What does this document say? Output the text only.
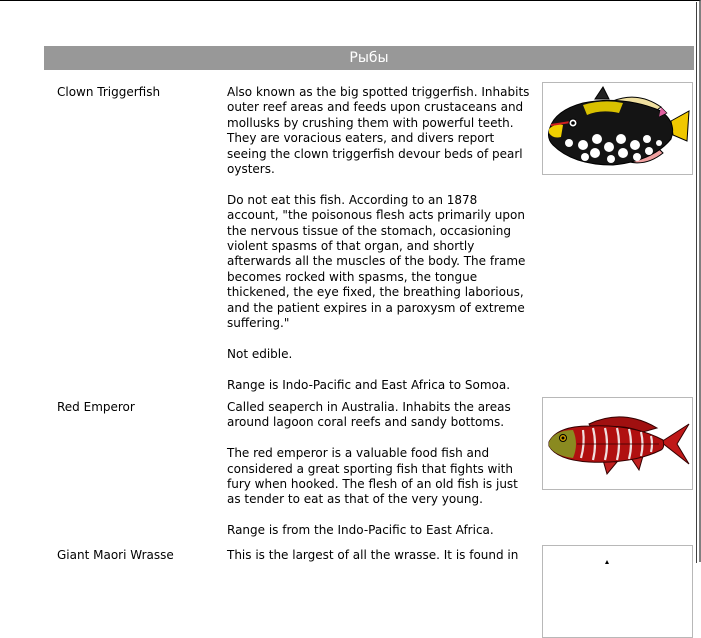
Рыбы
Clown Triggerfish	Also known as the big spotted triggerfish. Inhabits outer reef areas and feeds upon crustaceans and mollusks by crushing them with powerful teeth. They are voracious eaters, and divers report seeing the clown triggerfish devour beds of pearl oysters.

Do not eat this fish. According to an 1878 account, "the poisonous flesh acts primarily upon the nervous tissue of the stomach, occasioning violent spasms of that organ, and shortly afterwards all the muscles of the body. The frame becomes rocked with spasms, the tongue thickened, the eye fixed, the breathing laborious, and the patient expires in a paroxysm of extreme suffering."

Not edible.

Range is Indo-Pacific and East Africa to Somoa.

Red Emperor	Called seaperch in Australia. Inhabits the areas around lagoon coral reefs and sandy bottoms.

The red emperor is a valuable food fish and considered a great sporting fish that fights with fury when hooked. The flesh of an old fish is just as tender to eat as that of the very young.

Range is from the Indo-Pacific to East Africa.

Giant Maori Wrasse	This is the largest of all the wrasse. It is found in
